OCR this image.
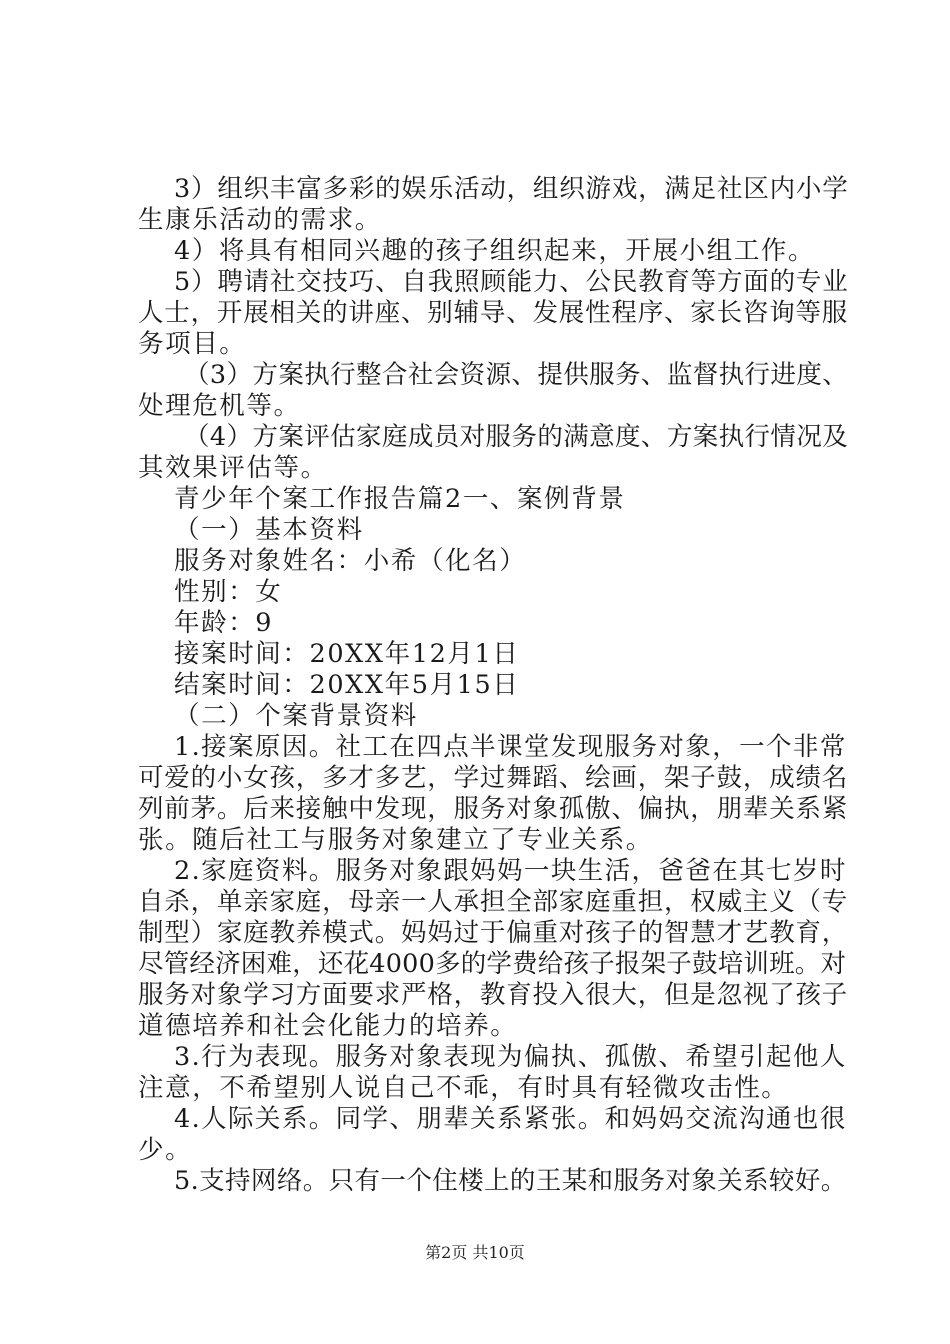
3）组织丰富多彩的娱乐活动，组织游戏，满足社区内小学
生康乐活动的需求。
4）将具有相同兴趣的孩子组织起来，开展小组工作。
5）聘请社交技巧、自我照顾能力、公民教育等方面的专业
人士，开展相关的讲座、别辅导、发展性程序、家长咨询等服
务项目。
（3）方案执行整合社会资源、提供服务、监督执行进度、
处理危机等。
（4）方案评估家庭成员对服务的满意度、方案执行情况及
其效果评估等。
青少年个案工作报告篇2一、案例背景
（一）基本资料
服务对象姓名：小希（化名）
性别：女
年龄：9
接案时间：20XX年12月1日
结案时间：20XX年5月15日
（二）个案背景资料
1.接案原因。社工在四点半课堂发现服务对象，一个非常
可爱的小女孩，多才多艺，学过舞蹈、绘画，架子鼓，成绩名
列前茅。后来接触中发现，服务对象孤傲、偏执，朋辈关系紧
张。随后社工与服务对象建立了专业关系。
2.家庭资料。服务对象跟妈妈一块生活，爸爸在其七岁时
自杀，单亲家庭，母亲一人承担全部家庭重担，权威主义（专
制型）家庭教养模式。妈妈过于偏重对孩子的智慧才艺教育，
尽管经济困难，还花4000多的学费给孩子报架子鼓培训班。对
服务对象学习方面要求严格，教育投入很大，但是忽视了孩子
道德培养和社会化能力的培养。
3.行为表现。服务对象表现为偏执、孤傲、希望引起他人
注意，不希望别人说自己不乖，有时具有轻微攻击性。
4.人际关系。同学、朋辈关系紧张。和妈妈交流沟通也很
少。
5.支持网络。只有一个住楼上的王某和服务对象关系较好。
第2页 共10页
